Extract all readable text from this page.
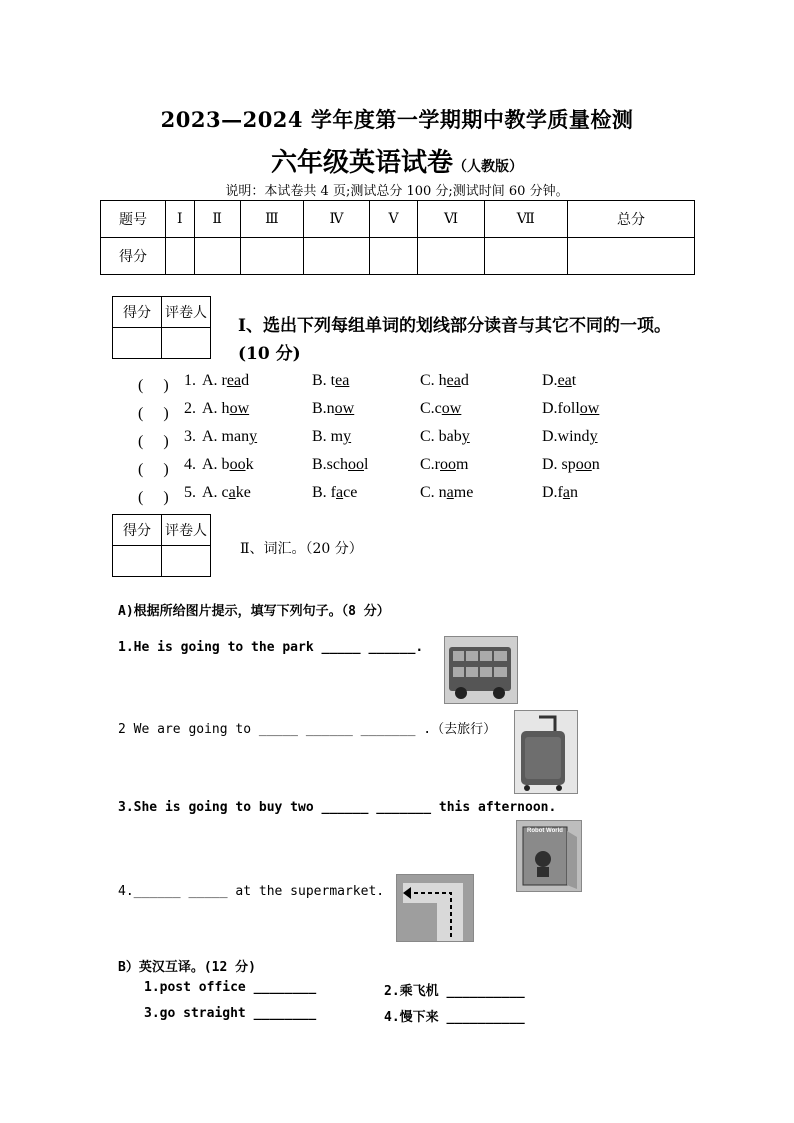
2023—2024 学年度第一学期期中教学质量检测
六年级英语试卷（人教版）
说明：本试卷共 4 页;测试总分 100 分;测试时间 60 分钟。
题号	Ⅰ	Ⅱ	Ⅲ	Ⅳ	Ⅴ	Ⅵ	Ⅶ	总分
得分								
得分	评卷人

Ⅰ、选出下列每组单词的划线部分读音与其它不同的一项。(10 分)
(　 ) 1. A. read	B. tea	C. head	D.eat
(　 ) 2. A. how	B.now	C.cow	D.follow
(　 ) 3. A. many	B. my	C. baby	D.windy
(　 ) 4. A. book	B.school	C.room	D. spoon
(　 ) 5. A. cake	B. face	C. name	D.fan
得分	评卷人

Ⅱ、词汇。（20 分）
A)根据所给图片提示，填写下列句子。（8 分）
1.He is going to the park _____ ______.
2 We are going to _____ ______ _______ .（去旅行）
3.She is going to buy two ______ _______ this afternoon.
4.______ _____ at the supermarket.
Robot World
B）英汉互译。(12 分)
1.post office ________	2.乘飞机 __________
3.go straight ________	4.慢下来 __________
